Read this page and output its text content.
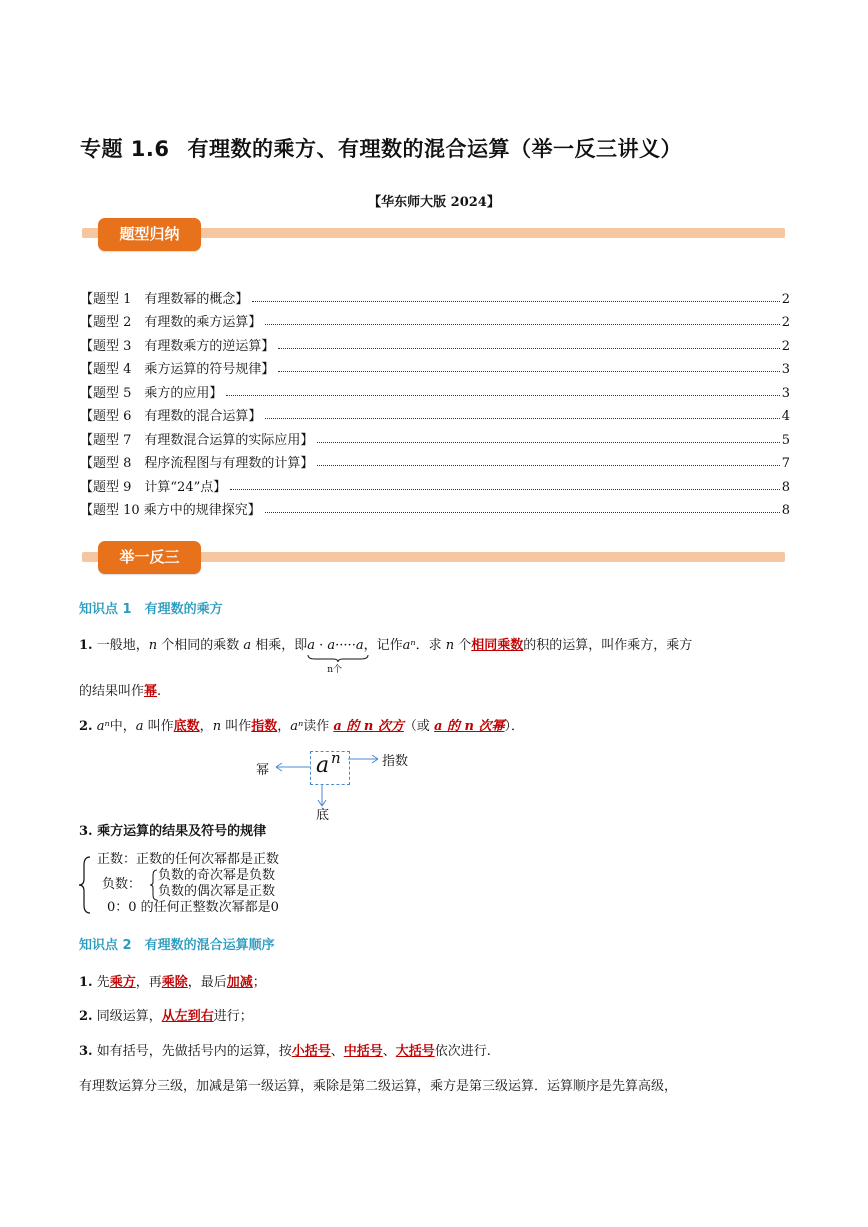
专题 1.6 有理数的乘方、有理数的混合运算（举一反三讲义）
【华东师大版 2024】
题型归纳
【题型 1　有理数幂的概念】	2
【题型 2　有理数的乘方运算】	2
【题型 3　有理数乘方的逆运算】	2
【题型 4　乘方运算的符号规律】	3
【题型 5　乘方的应用】	3
【题型 6　有理数的混合运算】	4
【题型 7　有理数混合运算的实际应用】	5
【题型 8　程序流程图与有理数的计算】	7
【题型 9　计算“24”点】	8
【题型 10 乘方中的规律探究】	8
举一反三
知识点 1　有理数的乘方
1. 一般地，n 个相同的乘数 a 相乘，即a · a·····a
n个
，记作aⁿ．求 n 个相同乘数的积的运算，叫作乘方，乘方
的结果叫作幂.
2. aⁿ中，a 叫作底数，n 叫作指数，aⁿ读作 a 的 n 次方（或 a 的 n 次幂）．
a n
幂
指数
底
3. 乘方运算的结果及符号的规律
正数：正数的任何次幂都是正数
负数：
负数的奇次幂是负数
负数的偶次幂是正数
0：0 的任何正整数次幂都是0
知识点 2　有理数的混合运算顺序
1. 先乘方，再乘除，最后加减；
2. 同级运算，从左到右进行；
3. 如有括号，先做括号内的运算，按小括号、中括号、大括号依次进行.
有理数运算分三级，加减是第一级运算，乘除是第二级运算，乘方是第三级运算．运算顺序是先算高级，
